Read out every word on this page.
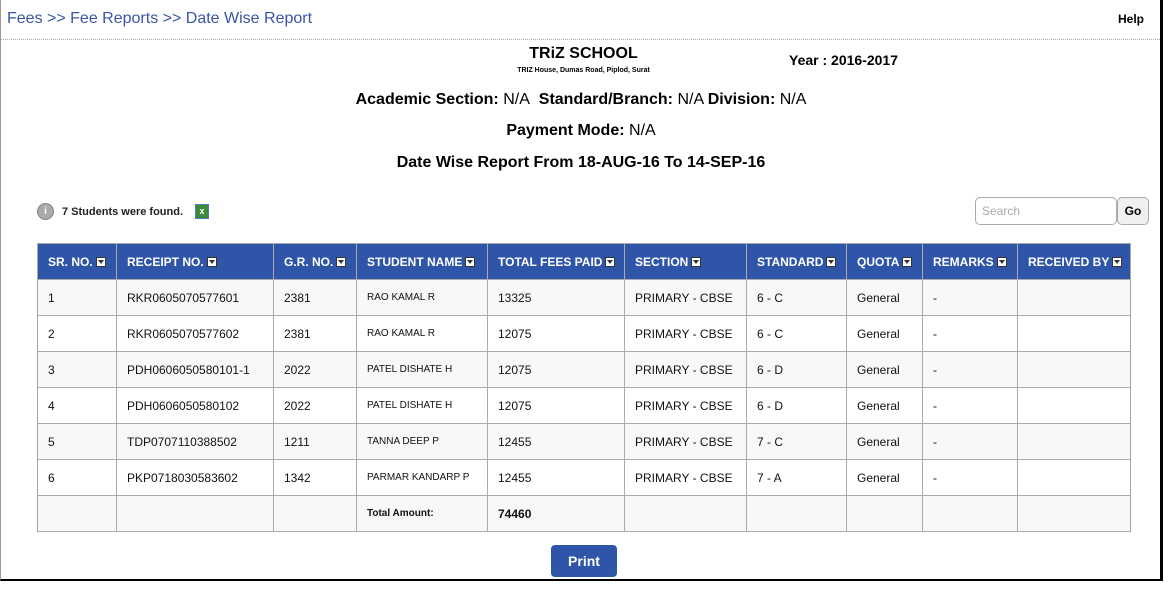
Fees >> Fee Reports >> Date Wise Report	Help
TRiZ SCHOOL
TRIZ House, Dumas Road, Piplod, Surat
Year : 2016-2017
Academic Section: N/A Standard/Branch: N/A Division: N/A
Payment Mode: N/A
Date Wise Report From 18-AUG-16 To 14-SEP-16
i	7 Students were found.	x
Search	Go
SR. NO.	RECEIPT NO.	G.R. NO.	STUDENT NAME	TOTAL FEES PAID	SECTION	STANDARD	QUOTA	REMARKS	RECEIVED BY
1	RKR0605070577601	2381	RAO KAMAL R	13325	PRIMARY - CBSE	6 - C	General	-	
2	RKR0605070577602	2381	RAO KAMAL R	12075	PRIMARY - CBSE	6 - C	General	-	
3	PDH0606050580101-1	2022	PATEL DISHATE H	12075	PRIMARY - CBSE	6 - D	General	-	
4	PDH0606050580102	2022	PATEL DISHATE H	12075	PRIMARY - CBSE	6 - D	General	-	
5	TDP0707110388502	1211	TANNA DEEP P	12455	PRIMARY - CBSE	7 - C	General	-	
6	PKP0718030583602	1342	PARMAR KANDARP P	12455	PRIMARY - CBSE	7 - A	General	-	
			Total Amount:	74460					
Print
